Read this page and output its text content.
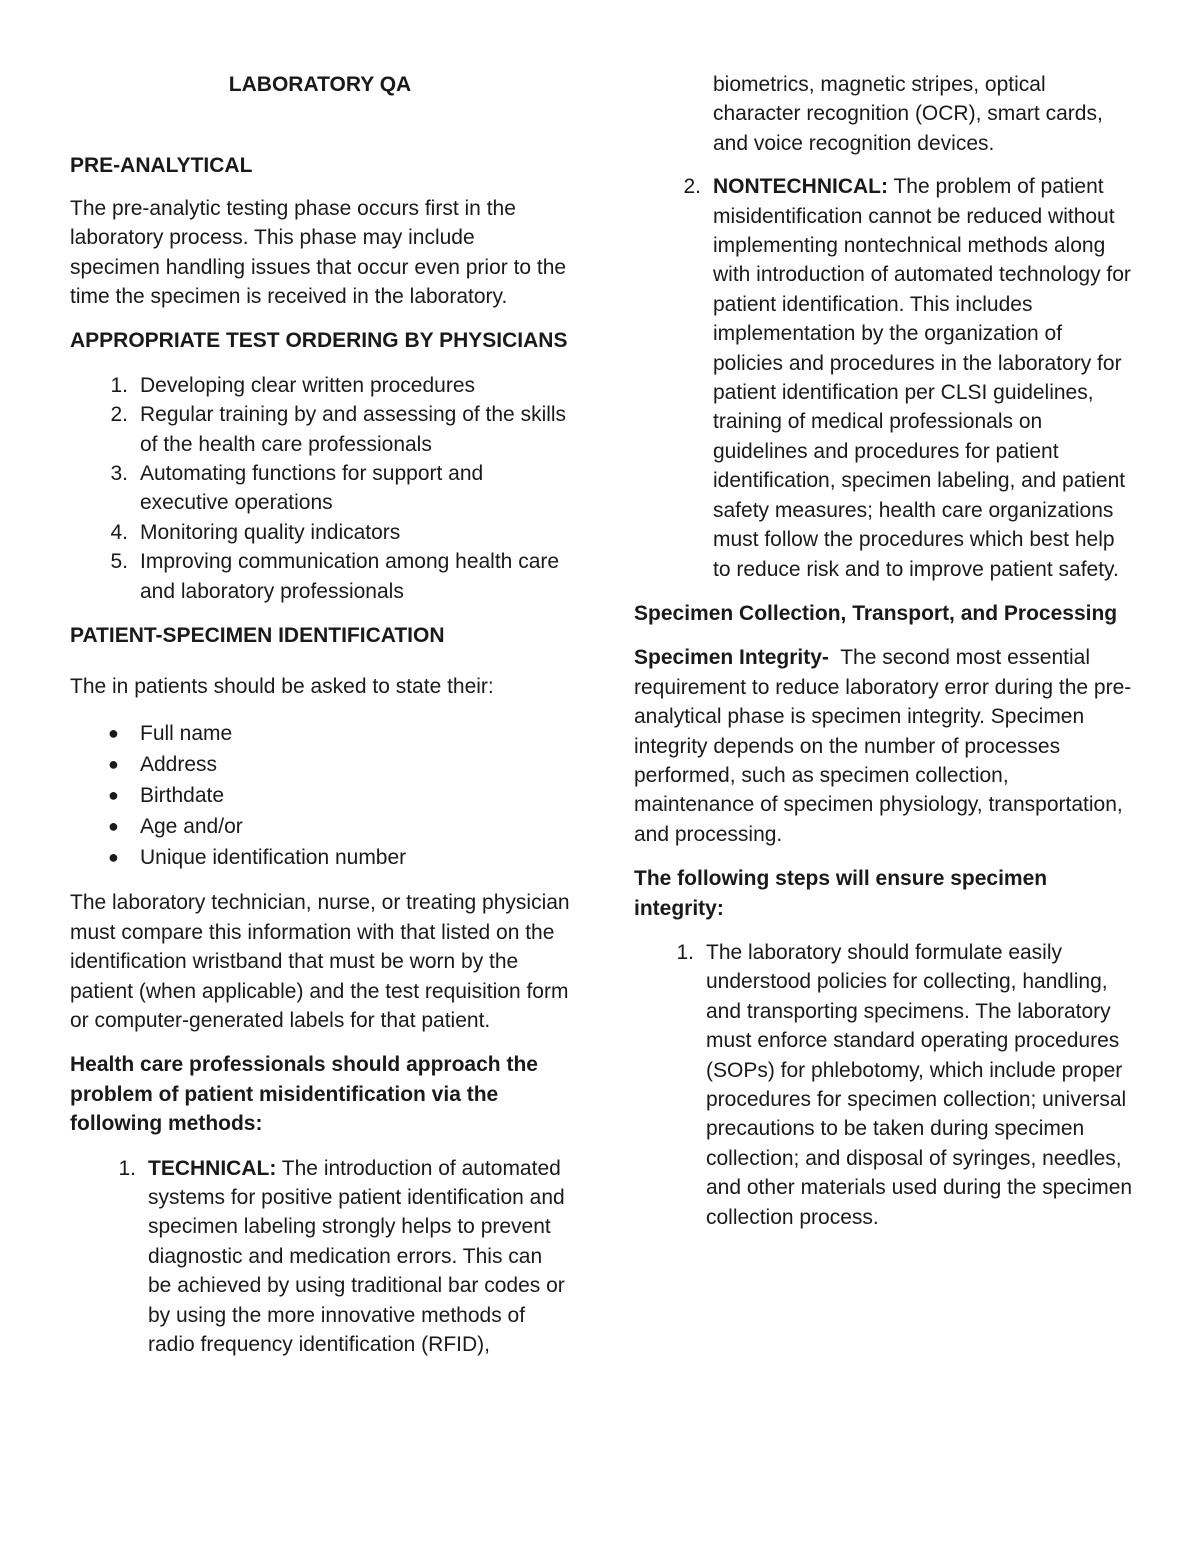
LABORATORY QA

PRE-ANALYTICAL

The pre-analytic testing phase occurs first in the laboratory process. This phase may include specimen handling issues that occur even prior to the time the specimen is received in the laboratory.

APPROPRIATE TEST ORDERING BY PHYSICIANS

1. Developing clear written procedures
2. Regular training by and assessing of the skills of the health care professionals
3. Automating functions for support and executive operations
4. Monitoring quality indicators
5. Improving communication among health care and laboratory professionals

PATIENT-SPECIMEN IDENTIFICATION

The in patients should be asked to state their:

● Full name
● Address
● Birthdate
● Age and/or
● Unique identification number

The laboratory technician, nurse, or treating physician must compare this information with that listed on the identification wristband that must be worn by the patient (when applicable) and the test requisition form or computer-generated labels for that patient.

Health care professionals should approach the problem of patient misidentification via the following methods:

1. TECHNICAL: The introduction of automated systems for positive patient identification and specimen labeling strongly helps to prevent diagnostic and medication errors. This can be achieved by using traditional bar codes or by using the more innovative methods of radio frequency identification (RFID),

biometrics, magnetic stripes, optical character recognition (OCR), smart cards, and voice recognition devices.

2. NONTECHNICAL: The problem of patient misidentification cannot be reduced without implementing nontechnical methods along with introduction of automated technology for patient identification. This includes implementation by the organization of policies and procedures in the laboratory for patient identification per CLSI guidelines, training of medical professionals on guidelines and procedures for patient identification, specimen labeling, and patient safety measures; health care organizations must follow the procedures which best help to reduce risk and to improve patient safety.

Specimen Collection, Transport, and Processing

Specimen Integrity- The second most essential requirement to reduce laboratory error during the pre-analytical phase is specimen integrity. Specimen integrity depends on the number of processes performed, such as specimen collection, maintenance of specimen physiology, transportation, and processing.

The following steps will ensure specimen integrity:

1. The laboratory should formulate easily understood policies for collecting, handling, and transporting specimens. The laboratory must enforce standard operating procedures (SOPs) for phlebotomy, which include proper procedures for specimen collection; universal precautions to be taken during specimen collection; and disposal of syringes, needles, and other materials used during the specimen collection process.
